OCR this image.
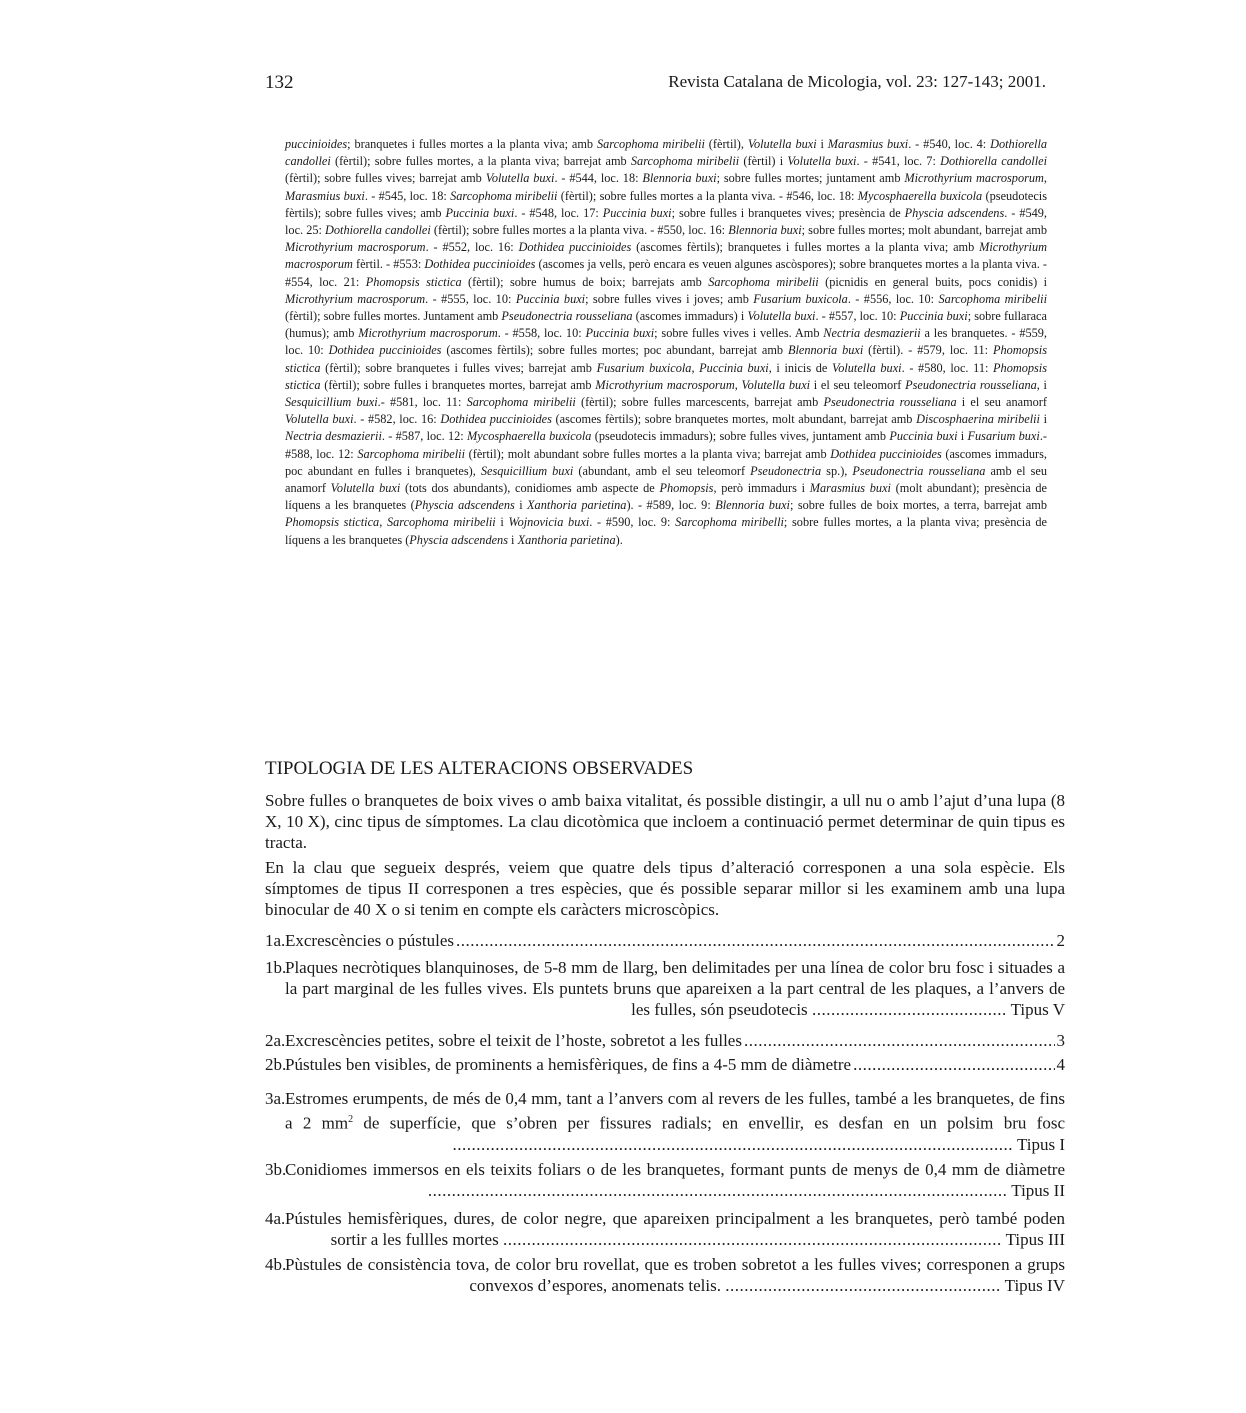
132	Revista Catalana de Micologia, vol. 23: 127-143; 2001.

puccinioides; branquetes i fulles mortes a la planta viva; amb Sarcophoma miribelii (fèrtil), Volutella buxi i Marasmius buxi. - #540, loc. 4: Dothiorella candollei (fèrtil); sobre fulles mortes, a la planta viva; barrejat amb Sarcophoma miribelii (fèrtil) i Volutella buxi. - #541, loc. 7: Dothiorella candollei (fèrtil); sobre fulles vives; barrejat amb Volutella buxi. - #544, loc. 18: Blennoria buxi; sobre fulles mortes; juntament amb Microthyrium macrosporum, Marasmius buxi. - #545, loc. 18: Sarcophoma miribelii (fèrtil); sobre fulles mortes a la planta viva. - #546, loc. 18: Mycosphaerella buxicola (pseudotecis fèrtils); sobre fulles vives; amb Puccinia buxi. - #548, loc. 17: Puccinia buxi; sobre fulles i branquetes vives; presència de Physcia adscendens. - #549, loc. 25: Dothiorella candollei (fèrtil); sobre fulles mortes a la planta viva. - #550, loc. 16: Blennoria buxi; sobre fulles mortes; molt abundant, barrejat amb Microthyrium macrosporum. - #552, loc. 16: Dothidea puccinioides (ascomes fèrtils); branquetes i fulles mortes a la planta viva; amb Microthyrium macrosporum fèrtil. - #553: Dothidea puccinioides (ascomes ja vells, però encara es veuen algunes ascòspores); sobre branquetes mortes a la planta viva. - #554, loc. 21: Phomopsis stictica (fèrtil); sobre humus de boix; barrejats amb Sarcophoma miribelii (picnidis en general buits, pocs conidis) i Microthyrium macrosporum. - #555, loc. 10: Puccinia buxi; sobre fulles vives i joves; amb Fusarium buxicola. - #556, loc. 10: Sarcophoma miribelii (fèrtil); sobre fulles mortes. Juntament amb Pseudonectria rousseliana (ascomes immadurs) i Volutella buxi. - #557, loc. 10: Puccinia buxi; sobre fullaraca (humus); amb Microthyrium macrosporum. - #558, loc. 10: Puccinia buxi; sobre fulles vives i velles. Amb Nectria desmazierii a les branquetes. - #559, loc. 10: Dothidea puccinioides (ascomes fèrtils); sobre fulles mortes; poc abundant, barrejat amb Blennoria buxi (fèrtil). - #579, loc. 11: Phomopsis stictica (fèrtil); sobre branquetes i fulles vives; barrejat amb Fusarium buxicola, Puccinia buxi, i inicis de Volutella buxi. - #580, loc. 11: Phomopsis stictica (fèrtil); sobre fulles i branquetes mortes, barrejat amb Microthyrium macrosporum, Volutella buxi i el seu teleomorf Pseudonectria rousseliana, i Sesquicillium buxi.- #581, loc. 11: Sarcophoma miribelii (fèrtil); sobre fulles marcescents, barrejat amb Pseudonectria rousseliana i el seu anamorf Volutella buxi. - #582, loc. 16: Dothidea puccinioides (ascomes fèrtils); sobre branquetes mortes, molt abundant, barrejat amb Discosphaerina miribelii i Nectria desmazierii. - #587, loc. 12: Mycosphaerella buxicola (pseudotecis immadurs); sobre fulles vives, juntament amb Puccinia buxi i Fusarium buxi.- #588, loc. 12: Sarcophoma miribelii (fèrtil); molt abundant sobre fulles mortes a la planta viva; barrejat amb Dothidea puccinioides (ascomes immadurs, poc abundant en fulles i branquetes), Sesquicillium buxi (abundant, amb el seu teleomorf Pseudonectria sp.), Pseudonectria rousseliana amb el seu anamorf Volutella buxi (tots dos abundants), conidiomes amb aspecte de Phomopsis, però immadurs i Marasmius buxi (molt abundant); presència de líquens a les branquetes (Physcia adscendens i Xanthoria parietina). - #589, loc. 9: Blennoria buxi; sobre fulles de boix mortes, a terra, barrejat amb Phomopsis stictica, Sarcophoma miribelii i Wojnovicia buxi. - #590, loc. 9: Sarcophoma miribelli; sobre fulles mortes, a la planta viva; presència de líquens a les branquetes (Physcia adscendens i Xanthoria parietina).

TIPOLOGIA DE LES ALTERACIONS OBSERVADES

Sobre fulles o branquetes de boix vives o amb baixa vitalitat, és possible distingir, a ull nu o amb l’ajut d’una lupa (8 X, 10 X), cinc tipus de símptomes. La clau dicotòmica que incloem a continuació permet determinar de quin tipus es tracta.

En la clau que segueix després, veiem que quatre dels tipus d’alteració corresponen a una sola espècie. Els símptomes de tipus II corresponen a tres espècies, que és possible separar millor si les examinem amb una lupa binocular de 40 X o si tenim en compte els caràcters microscòpics.

1a. Excrescències o pústules .....	2
1b.
Plaques necròtiques blanquinoses, de 5-8 mm de llarg, ben delimitades per una línea de color bru fosc i situades a la part marginal de les fulles vives. Els puntets bruns que apareixen a la part central de les plaques, a l’anvers de les fulles, són pseudotecis ......................................... Tipus V
2a. Excrescències petites, sobre el teixit de l’hoste, sobretot a les fulles .....	3
2b.
Pústules ben visibles, de prominents a hemisfèriques, de fins a 4-5 mm de diàmetre .....	4
3a. Estromes erumpents, de més de 0,4 mm, tant a l’anvers com al revers de les fulles, també a les branquetes, de fins a 2 $mm^2$ de superfície, que s’obren per fissures radials; en envellir, es desfan en un polsim bru fosc ...................................................................................................................... Tipus I
3b.
Conidiomes immersos en els teixits foliars o de les branquetes, formant punts de menys de 0,4 mm de diàmetre .......................................................................................................................... Tipus II
4a. Pústules hemisfèriques, dures, de color negre, que apareixen principalment a les branquetes, però també poden sortir a les fullles mortes ......................................................................................................... Tipus III
4b.
Pùstules de consistència tova, de color bru rovellat, que es troben sobretot a les fulles vives; corresponen a grups convexos d’espores, anomenats telis. .......................................................... Tipus IV
